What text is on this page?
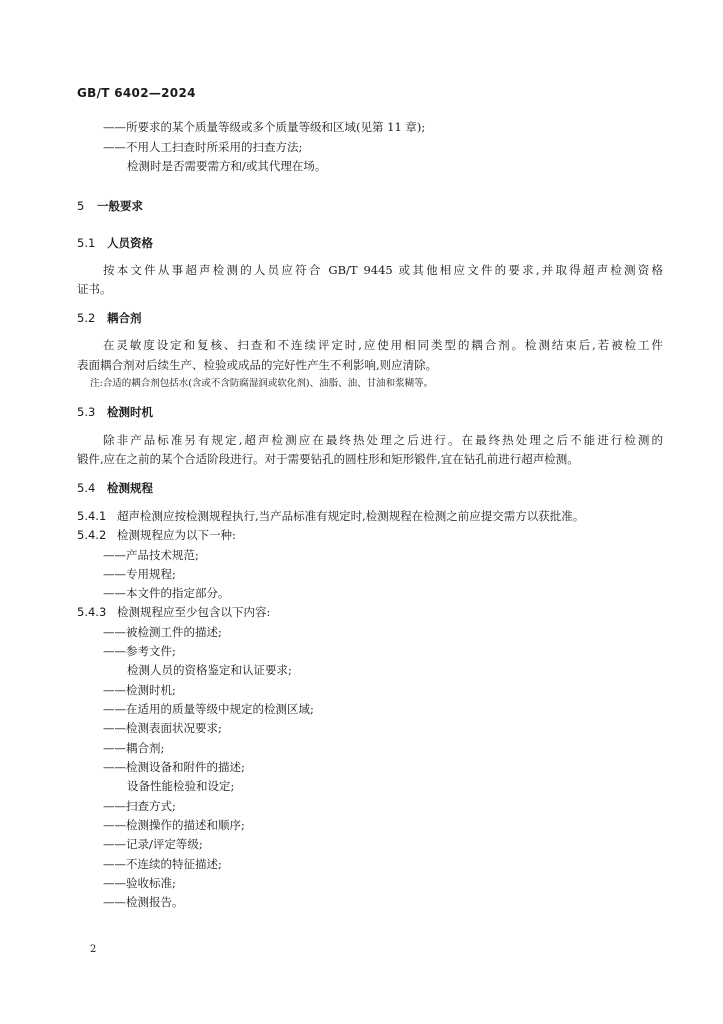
GB/T 6402—2024
——所要求的某个质量等级或多个质量等级和区域(见第 11 章);
——不用人工扫查时所采用的扫查方法;
检测时是否需要需方和/或其代理在场。
5 一般要求
5.1 人员资格
按本文件从事超声检测的人员应符合 GB/T 9445 或其他相应文件的要求,并取得超声检测资格
证书。
5.2 耦合剂
在灵敏度设定和复核、扫查和不连续评定时,应使用相同类型的耦合剂。检测结束后,若被检工件
表面耦合剂对后续生产、检验或成品的完好性产生不利影响,则应清除。
注:合适的耦合剂包括水(含或不含防腐湿润或软化剂)、油脂、油、甘油和浆糊等。
5.3 检测时机
除非产品标准另有规定,超声检测应在最终热处理之后进行。在最终热处理之后不能进行检测的
锻件,应在之前的某个合适阶段进行。对于需要钻孔的圆柱形和矩形锻件,宜在钻孔前进行超声检测。
5.4 检测规程
5.4.1 超声检测应按检测规程执行,当产品标准有规定时,检测规程在检测之前应提交需方以获批准。
5.4.2 检测规程应为以下一种:
——产品技术规范;
——专用规程;
——本文件的指定部分。
5.4.3 检测规程应至少包含以下内容:
——被检测工件的描述;
——参考文件;
检测人员的资格鉴定和认证要求;
——检测时机;
——在适用的质量等级中规定的检测区域;
——检测表面状况要求;
——耦合剂;
——检测设备和附件的描述;
设备性能检验和设定;
——扫查方式;
——检测操作的描述和顺序;
——记录/评定等级;
——不连续的特征描述;
——验收标准;
——检测报告。
2
